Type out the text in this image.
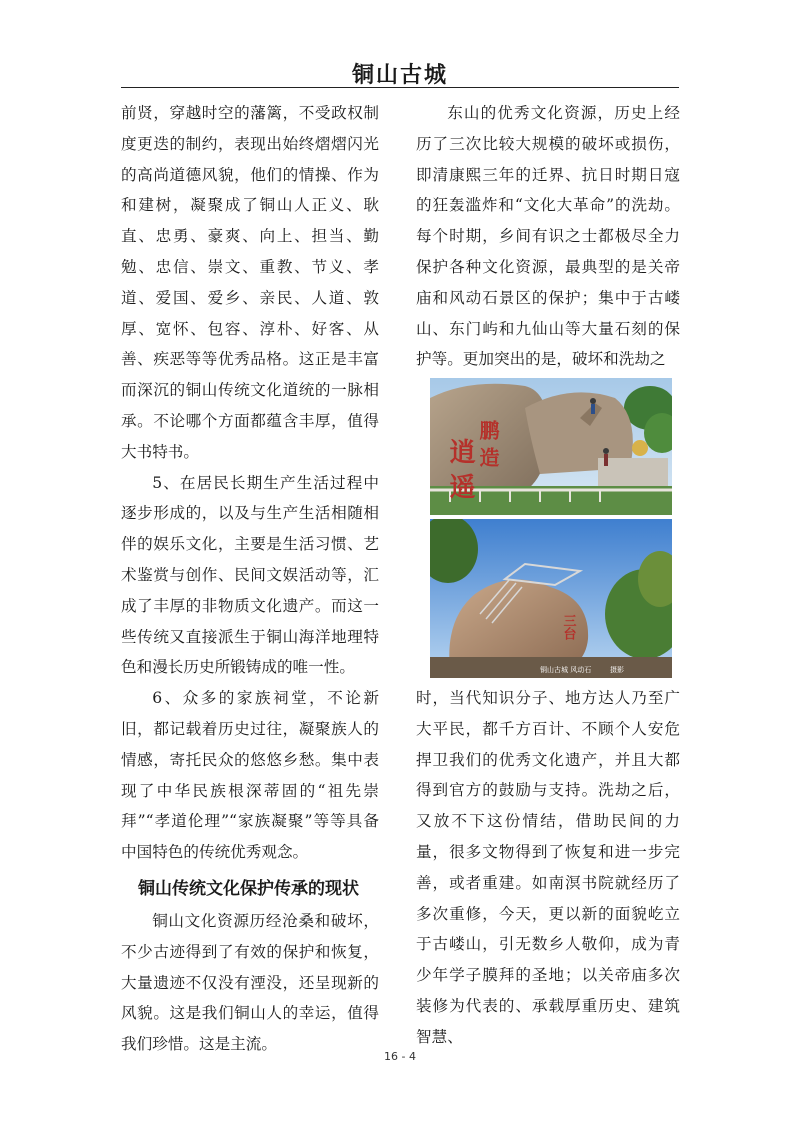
铜山古城

前贤，穿越时空的藩篱，不受政权制度更迭的制约，表现出始终熠熠闪光的高尚道德风貌，他们的情操、作为和建树，凝聚成了铜山人正义、耿直、忠勇、豪爽、向上、担当、勤勉、忠信、崇文、重教、节义、孝道、爱国、爱乡、亲民、人道、敦厚、宽怀、包容、淳朴、好客、从善、疾恶等等优秀品格。这正是丰富而深沉的铜山传统文化道统的一脉相承。不论哪个方面都蕴含丰厚，值得大书特书。

5、在居民长期生产生活过程中逐步形成的，以及与生产生活相随相伴的娱乐文化，主要是生活习惯、艺术鉴赏与创作、民间文娱活动等，汇成了丰厚的非物质文化遗产。而这一些传统又直接派生于铜山海洋地理特色和漫长历史所锻铸成的唯一性。

6、众多的家族祠堂，不论新旧，都记载着历史过往，凝聚族人的情感，寄托民众的悠悠乡愁。集中表现了中华民族根深蒂固的“祖先崇拜”“孝道伦理”“家族凝聚”等等具备中国特色的传统优秀观念。

铜山传统文化保护传承的现状

铜山文化资源历经沧桑和破坏，不少古迹得到了有效的保护和恢复，大量遗迹不仅没有湮没，还呈现新的风貌。这是我们铜山人的幸运，值得我们珍惜。这是主流。

东山的优秀文化资源，历史上经历了三次比较大规模的破坏或损伤，即清康熙三年的迁界、抗日时期日寇的狂轰滥炸和“文化大革命”的洗劫。每个时期，乡间有识之士都极尽全力保护各种文化资源，最典型的是关帝庙和风动石景区的保护；集中于古嵝山、东门屿和九仙山等大量石刻的保护等。更加突出的是，破坏和洗劫之

鹏 造
逍 遥
三台
铜山古城 风动石	摄影

时，当代知识分子、地方达人乃至广大平民，都千方百计、不顾个人安危捍卫我们的优秀文化遗产，并且大都得到官方的鼓励与支持。洗劫之后，又放不下这份情结，借助民间的力量，很多文物得到了恢复和进一步完善，或者重建。如南溟书院就经历了多次重修，今天，更以新的面貌屹立于古嵝山，引无数乡人敬仰，成为青少年学子膜拜的圣地；以关帝庙多次装修为代表的、承载厚重历史、建筑智慧、

16 - 4
